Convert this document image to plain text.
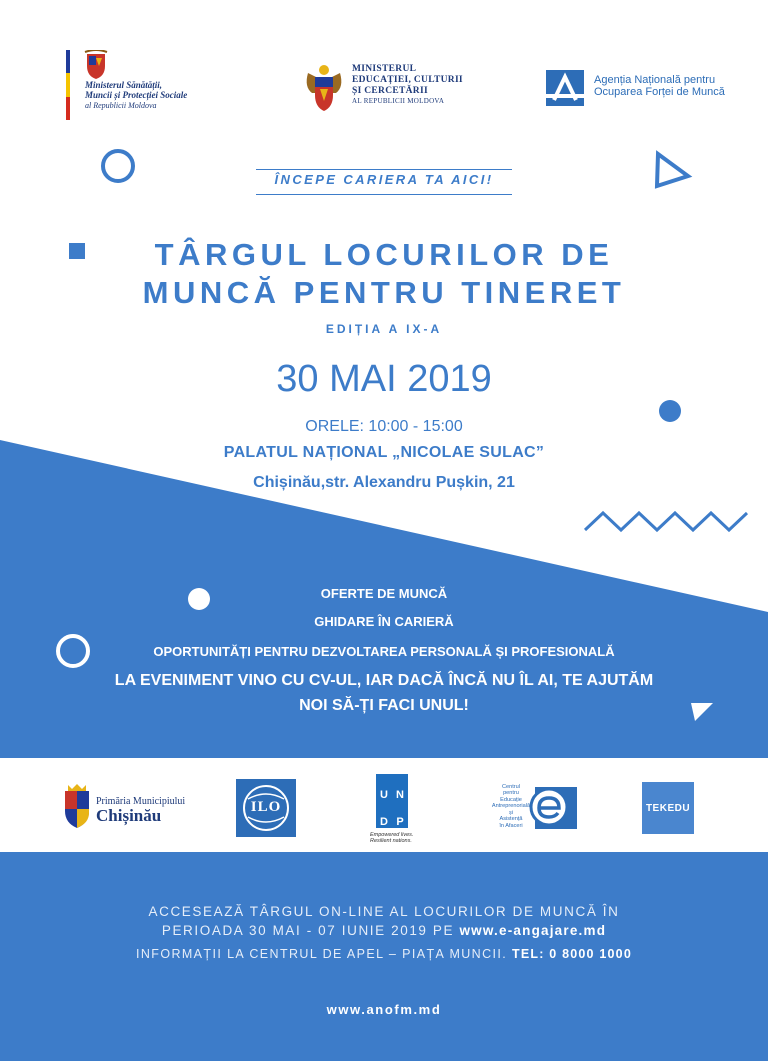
Ministerul Sănătății,
Muncii și Protecției Sociale
al Republicii Moldova
MINISTERUL
EDUCAȚIEI, CULTURII
ȘI CERCETĂRII
AL REPUBLICII MOLDOVA
Agenția Națională pentru
Ocuparea Forței de Muncă
ÎNCEPE CARIERA TA AICI!
TÂRGUL LOCURILOR DE
MUNCĂ PENTRU TINERET
EDIȚIA A IX-A
30 MAI 2019
ORELE: 10:00 - 15:00
PALATUL NAȚIONAL „NICOLAE SULAC”
Chișinău,str. Alexandru Pușkin, 21
OFERTE DE MUNCĂ
GHIDARE ÎN CARIERĂ
OPORTUNITĂȚI PENTRU DEZVOLTAREA PERSONALĂ ȘI PROFESIONALĂ
LA EVENIMENT VINO CU CV-UL, IAR DACĂ ÎNCĂ NU ÎL AI, TE AJUTĂM
NOI SĂ-ȚI FACI UNUL!
Primăria Municipiului
Chișinău	ILO
U N
D P
Empowered lives.
Resilient nations.
Centrul
pentru
Educație
Antreprenorială
și
Asistență
în Afaceri
TEKEDU
ACCESEAZĂ TÂRGUL ON-LINE AL LOCURILOR DE MUNCĂ ÎN
PERIOADA 30 MAI - 07 IUNIE 2019 PE www.e-angajare.md
INFORMAȚII LA CENTRUL DE APEL – PIAȚA MUNCII. TEL: 0 8000 1000
www.anofm.md
